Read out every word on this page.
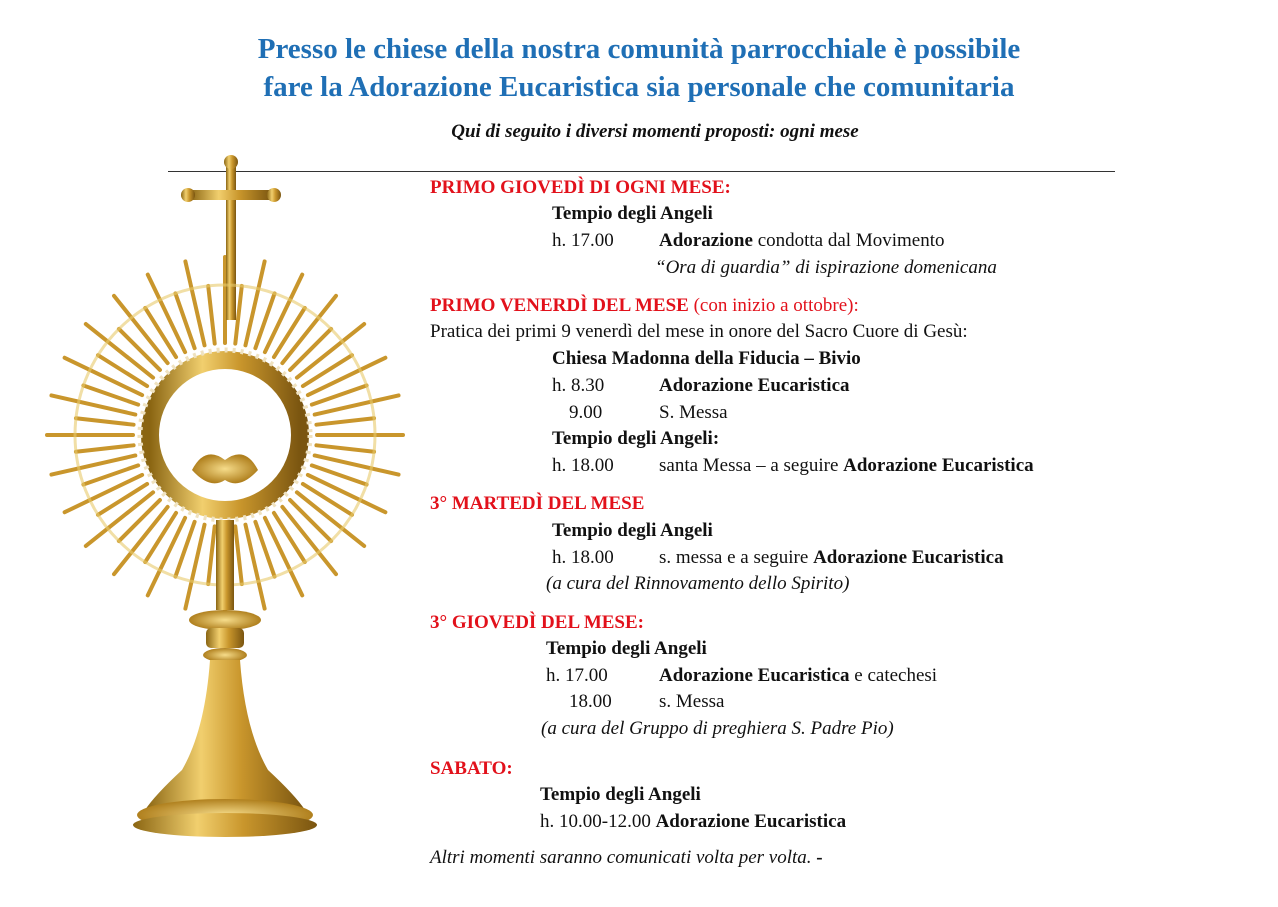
Presso le chiese della nostra comunità parrocchiale è possibile
fare la Adorazione Eucaristica sia personale che comunitaria
Qui di seguito i diversi momenti proposti: ogni mese
PRIMO GIOVEDÌ DI OGNI MESE:
Tempio degli Angeli
h. 17.00 Adorazione condotta dal Movimento
“Ora di guardia” di ispirazione domenicana
PRIMO VENERDÌ DEL MESE (con inizio a ottobre):
Pratica dei primi 9 venerdì del mese in onore del Sacro Cuore di Gesù:
Chiesa Madonna della Fiducia – Bivio
h. 8.30	Adorazione Eucaristica
9.00	S. Messa
Tempio degli Angeli:
h. 18.00 santa Messa – a seguire Adorazione Eucaristica
3° MARTEDÌ DEL MESE
Tempio degli Angeli
h. 18.00 s. messa e a seguire Adorazione Eucaristica
(a cura del Rinnovamento dello Spirito)
3° GIOVEDÌ DEL MESE:
Tempio degli Angeli
h. 17.00	Adorazione Eucaristica e catechesi
18.00 s. Messa
(a cura del Gruppo di preghiera S. Padre Pio)
SABATO:
Tempio degli Angeli
h. 10.00-12.00 Adorazione Eucaristica
Altri momenti saranno comunicati volta per volta. -
